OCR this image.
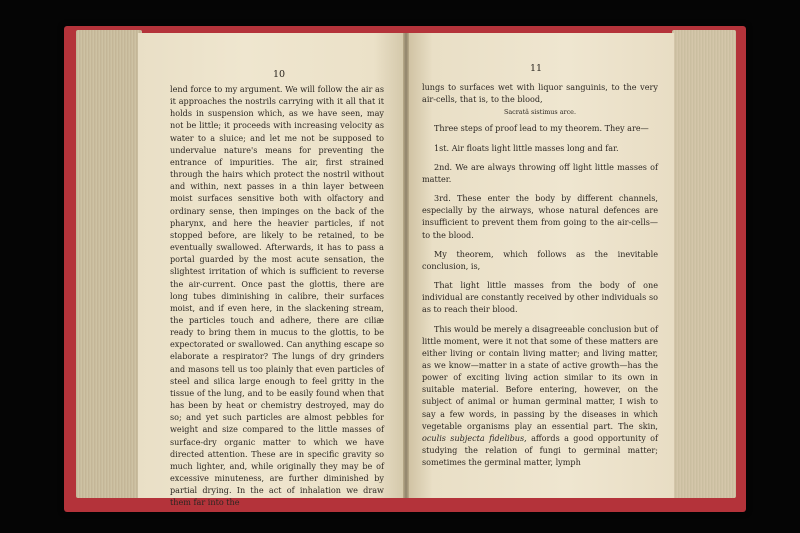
10

lend force to my argument. We will follow the air as it approaches the nostrils carrying with it all that it holds in suspension which, as we have seen, may not be little; it proceeds with increasing velocity as water to a sluice; and let me not be supposed to undervalue nature's means for preventing the entrance of impurities. The air, first strained through the hairs which protect the nostril without and within, next passes in a thin layer between moist surfaces sensitive both with olfactory and ordinary sense, then impinges on the back of the pharynx, and here the heavier particles, if not stopped before, are likely to be retained, to be eventually swallowed. Afterwards, it has to pass a portal guarded by the most acute sensation, the slightest irritation of which is sufficient to reverse the air-current. Once past the glottis, there are long tubes diminishing in calibre, their surfaces moist, and if even here, in the slackening stream, the particles touch and adhere, there are ciliæ ready to bring them in mucus to the glottis, to be expectorated or swallowed. Can anything escape so elaborate a respirator? The lungs of dry grinders and masons tell us too plainly that even particles of steel and silica large enough to feel gritty in the tissue of the lung, and to be easily found when that has been by heat or chemistry destroyed, may do so; and yet such particles are almost pebbles for weight and size compared to the little masses of surface-dry organic matter to which we have directed attention. These are in specific gravity so much lighter, and, while originally they may be of excessive minuteness, are further diminished by partial drying. In the act of inhalation we draw them far into the

11

lungs to surfaces wet with liquor sanguinis, to the very air-cells, that is, to the blood,

Sacratâ sistimus arce.

Three steps of proof lead to my theorem. They are—

1st. Air floats light little masses long and far.

2nd. We are always throwing off light little masses of matter.

3rd. These enter the body by different channels, especially by the airways, whose natural defences are insufficient to prevent them from going to the air-cells—to the blood.

My theorem, which follows as the inevitable conclusion, is,

That light little masses from the body of one individual are constantly received by other individuals so as to reach their blood.

This would be merely a disagreeable conclusion but of little moment, were it not that some of these matters are either living or contain living matter; and living matter, as we know—matter in a state of active growth—has the power of exciting living action similar to its own in suitable material. Before entering, however, on the subject of animal or human germinal matter, I wish to say a few words, in passing by the diseases in which vegetable organisms play an essential part. The skin, oculis subjecta fidelibus, affords a good opportunity of studying the relation of fungi to germinal matter; sometimes the germinal matter, lymph
